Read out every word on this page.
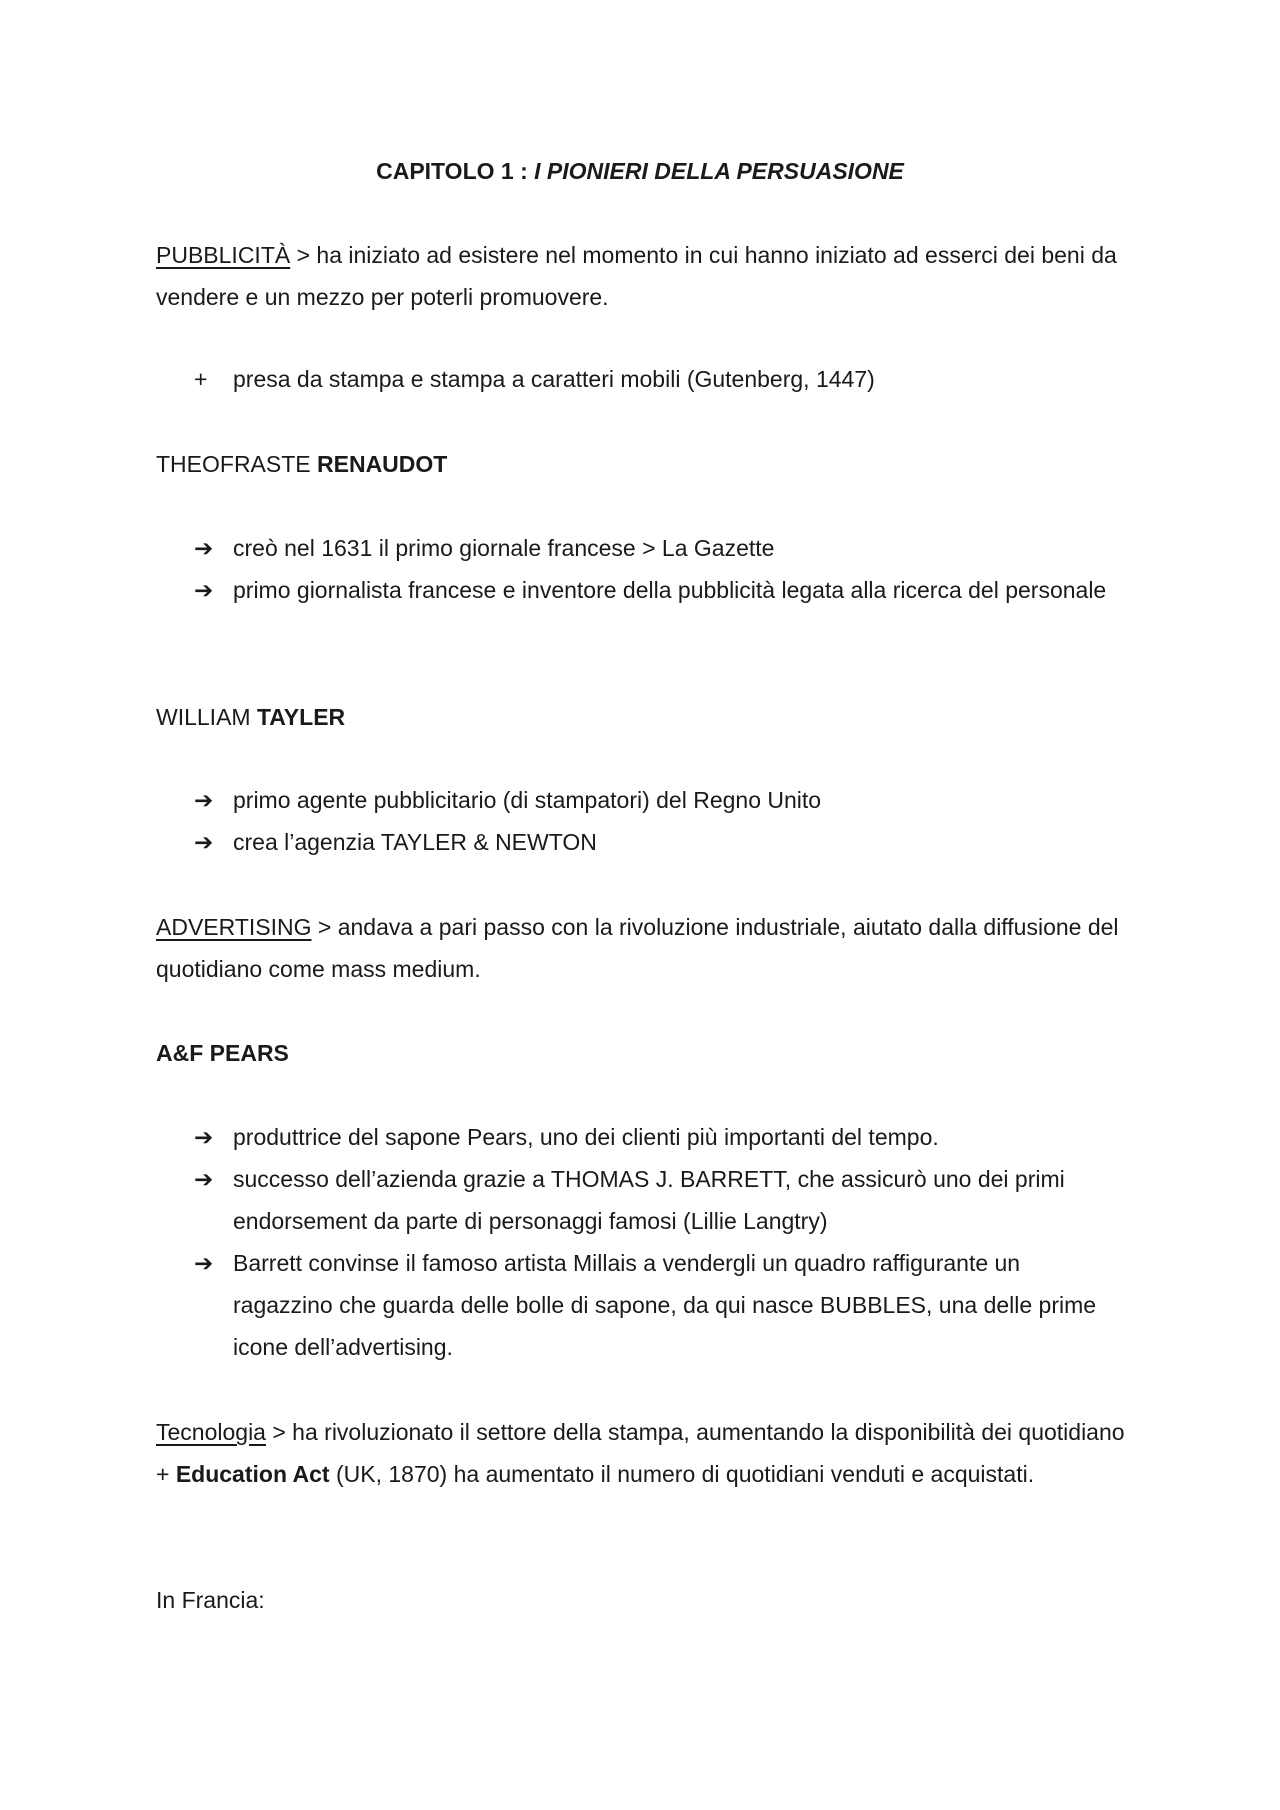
CAPITOLO 1 : I PIONIERI DELLA PERSUASIONE
PUBBLICITÀ > ha iniziato ad esistere nel momento in cui hanno iniziato ad esserci dei beni da vendere e un mezzo per poterli promuovere.
+	presa da stampa e stampa a caratteri mobili (Gutenberg, 1447)
THEOFRASTE RENAUDOT
➔ creò nel 1631 il primo giornale francese > La Gazette
➔ primo giornalista francese e inventore della pubblicità legata alla ricerca del personale
WILLIAM TAYLER
➔ primo agente pubblicitario (di stampatori) del Regno Unito
➔ crea l’agenzia TAYLER & NEWTON
ADVERTISING > andava a pari passo con la rivoluzione industriale, aiutato dalla diffusione del quotidiano come mass medium.
A&F PEARS
➔ produttrice del sapone Pears, uno dei clienti più importanti del tempo.
➔ successo dell’azienda grazie a THOMAS J. BARRETT, che assicurò uno dei primi endorsement da parte di personaggi famosi (Lillie Langtry)
➔ Barrett convinse il famoso artista Millais a vendergli un quadro raffigurante un ragazzino che guarda delle bolle di sapone, da qui nasce BUBBLES, una delle prime icone dell’advertising.
Tecnologia > ha rivoluzionato il settore della stampa, aumentando la disponibilità dei quotidiano + Education Act (UK, 1870) ha aumentato il numero di quotidiani venduti e acquistati.
In Francia:
